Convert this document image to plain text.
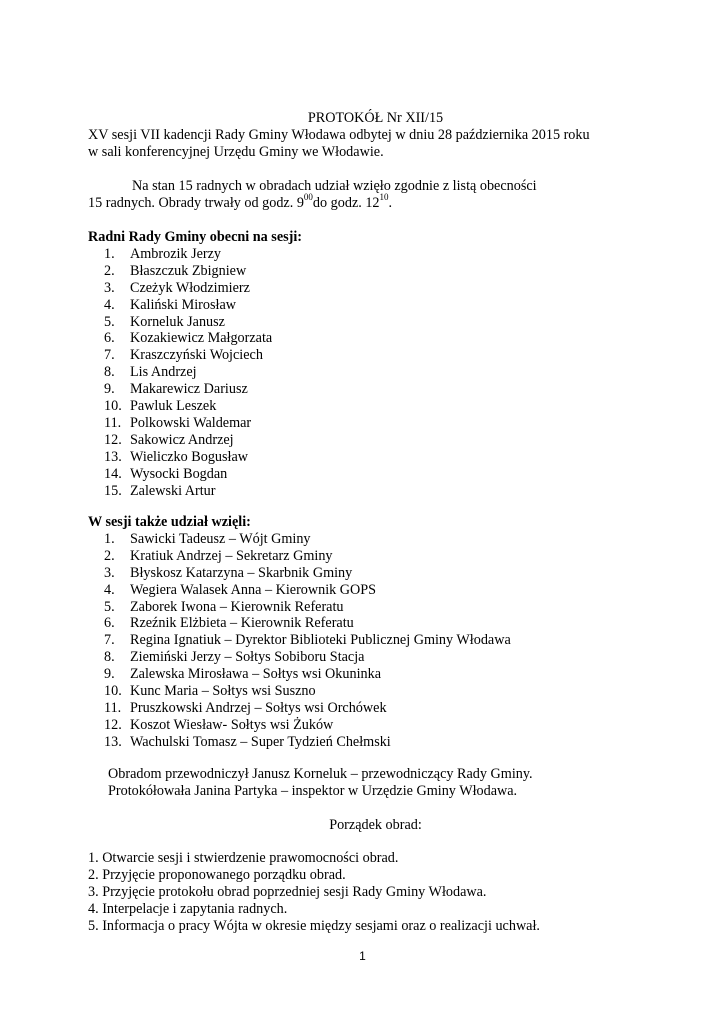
PROTOKÓŁ Nr XII/15
XV sesji VII kadencji Rady Gminy Włodawa odbytej w dniu 28 października 2015 roku
w sali konferencyjnej Urzędu Gminy we Włodawie.
Na stan 15 radnych w obradach udział wzięło zgodnie z listą obecności
15 radnych. Obrady trwały od godz. $9^{00}do$ godz. $12^{10}$.
Radni Rady Gminy obecni na sesji:
1. Ambrozik Jerzy
2. Błaszczuk Zbigniew
3. Czeżyk Włodzimierz
4. Kaliński Mirosław
5. Korneluk Janusz
6. Kozakiewicz Małgorzata
7. Kraszczyński Wojciech
8. Lis Andrzej
9. Makarewicz Dariusz
10. Pawluk Leszek
11. Polkowski Waldemar
12. Sakowicz Andrzej
13. Wieliczko Bogusław
14. Wysocki Bogdan
15. Zalewski Artur
W sesji także udział wzięli:
1. Sawicki Tadeusz – Wójt Gminy
2. Kratiuk Andrzej – Sekretarz Gminy
3. Błyskosz Katarzyna – Skarbnik Gminy
4. Wegiera Walasek Anna – Kierownik GOPS
5. Zaborek Iwona – Kierownik Referatu
6. Rzeźnik Elżbieta – Kierownik Referatu
7. Regina Ignatiuk – Dyrektor Biblioteki Publicznej Gminy Włodawa
8. Ziemiński Jerzy – Sołtys Sobiboru Stacja
9. Zalewska Mirosława – Sołtys wsi Okuninka
10. Kunc Maria – Sołtys wsi Suszno
11. Pruszkowski Andrzej – Sołtys wsi Orchówek
12. Koszot Wiesław- Sołtys wsi Żuków
13. Wachulski Tomasz – Super Tydzień Chełmski
Obradom przewodniczył Janusz Korneluk – przewodniczący Rady Gminy.
Protokółowała Janina Partyka – inspektor w Urzędzie Gminy Włodawa.
Porządek obrad:
1. Otwarcie sesji i stwierdzenie prawomocności obrad.
2. Przyjęcie proponowanego porządku obrad.
3. Przyjęcie protokołu obrad poprzedniej sesji Rady Gminy Włodawa.
4. Interpelacje i zapytania radnych.
5. Informacja o pracy Wójta w okresie między sesjami oraz o realizacji uchwał.
1
